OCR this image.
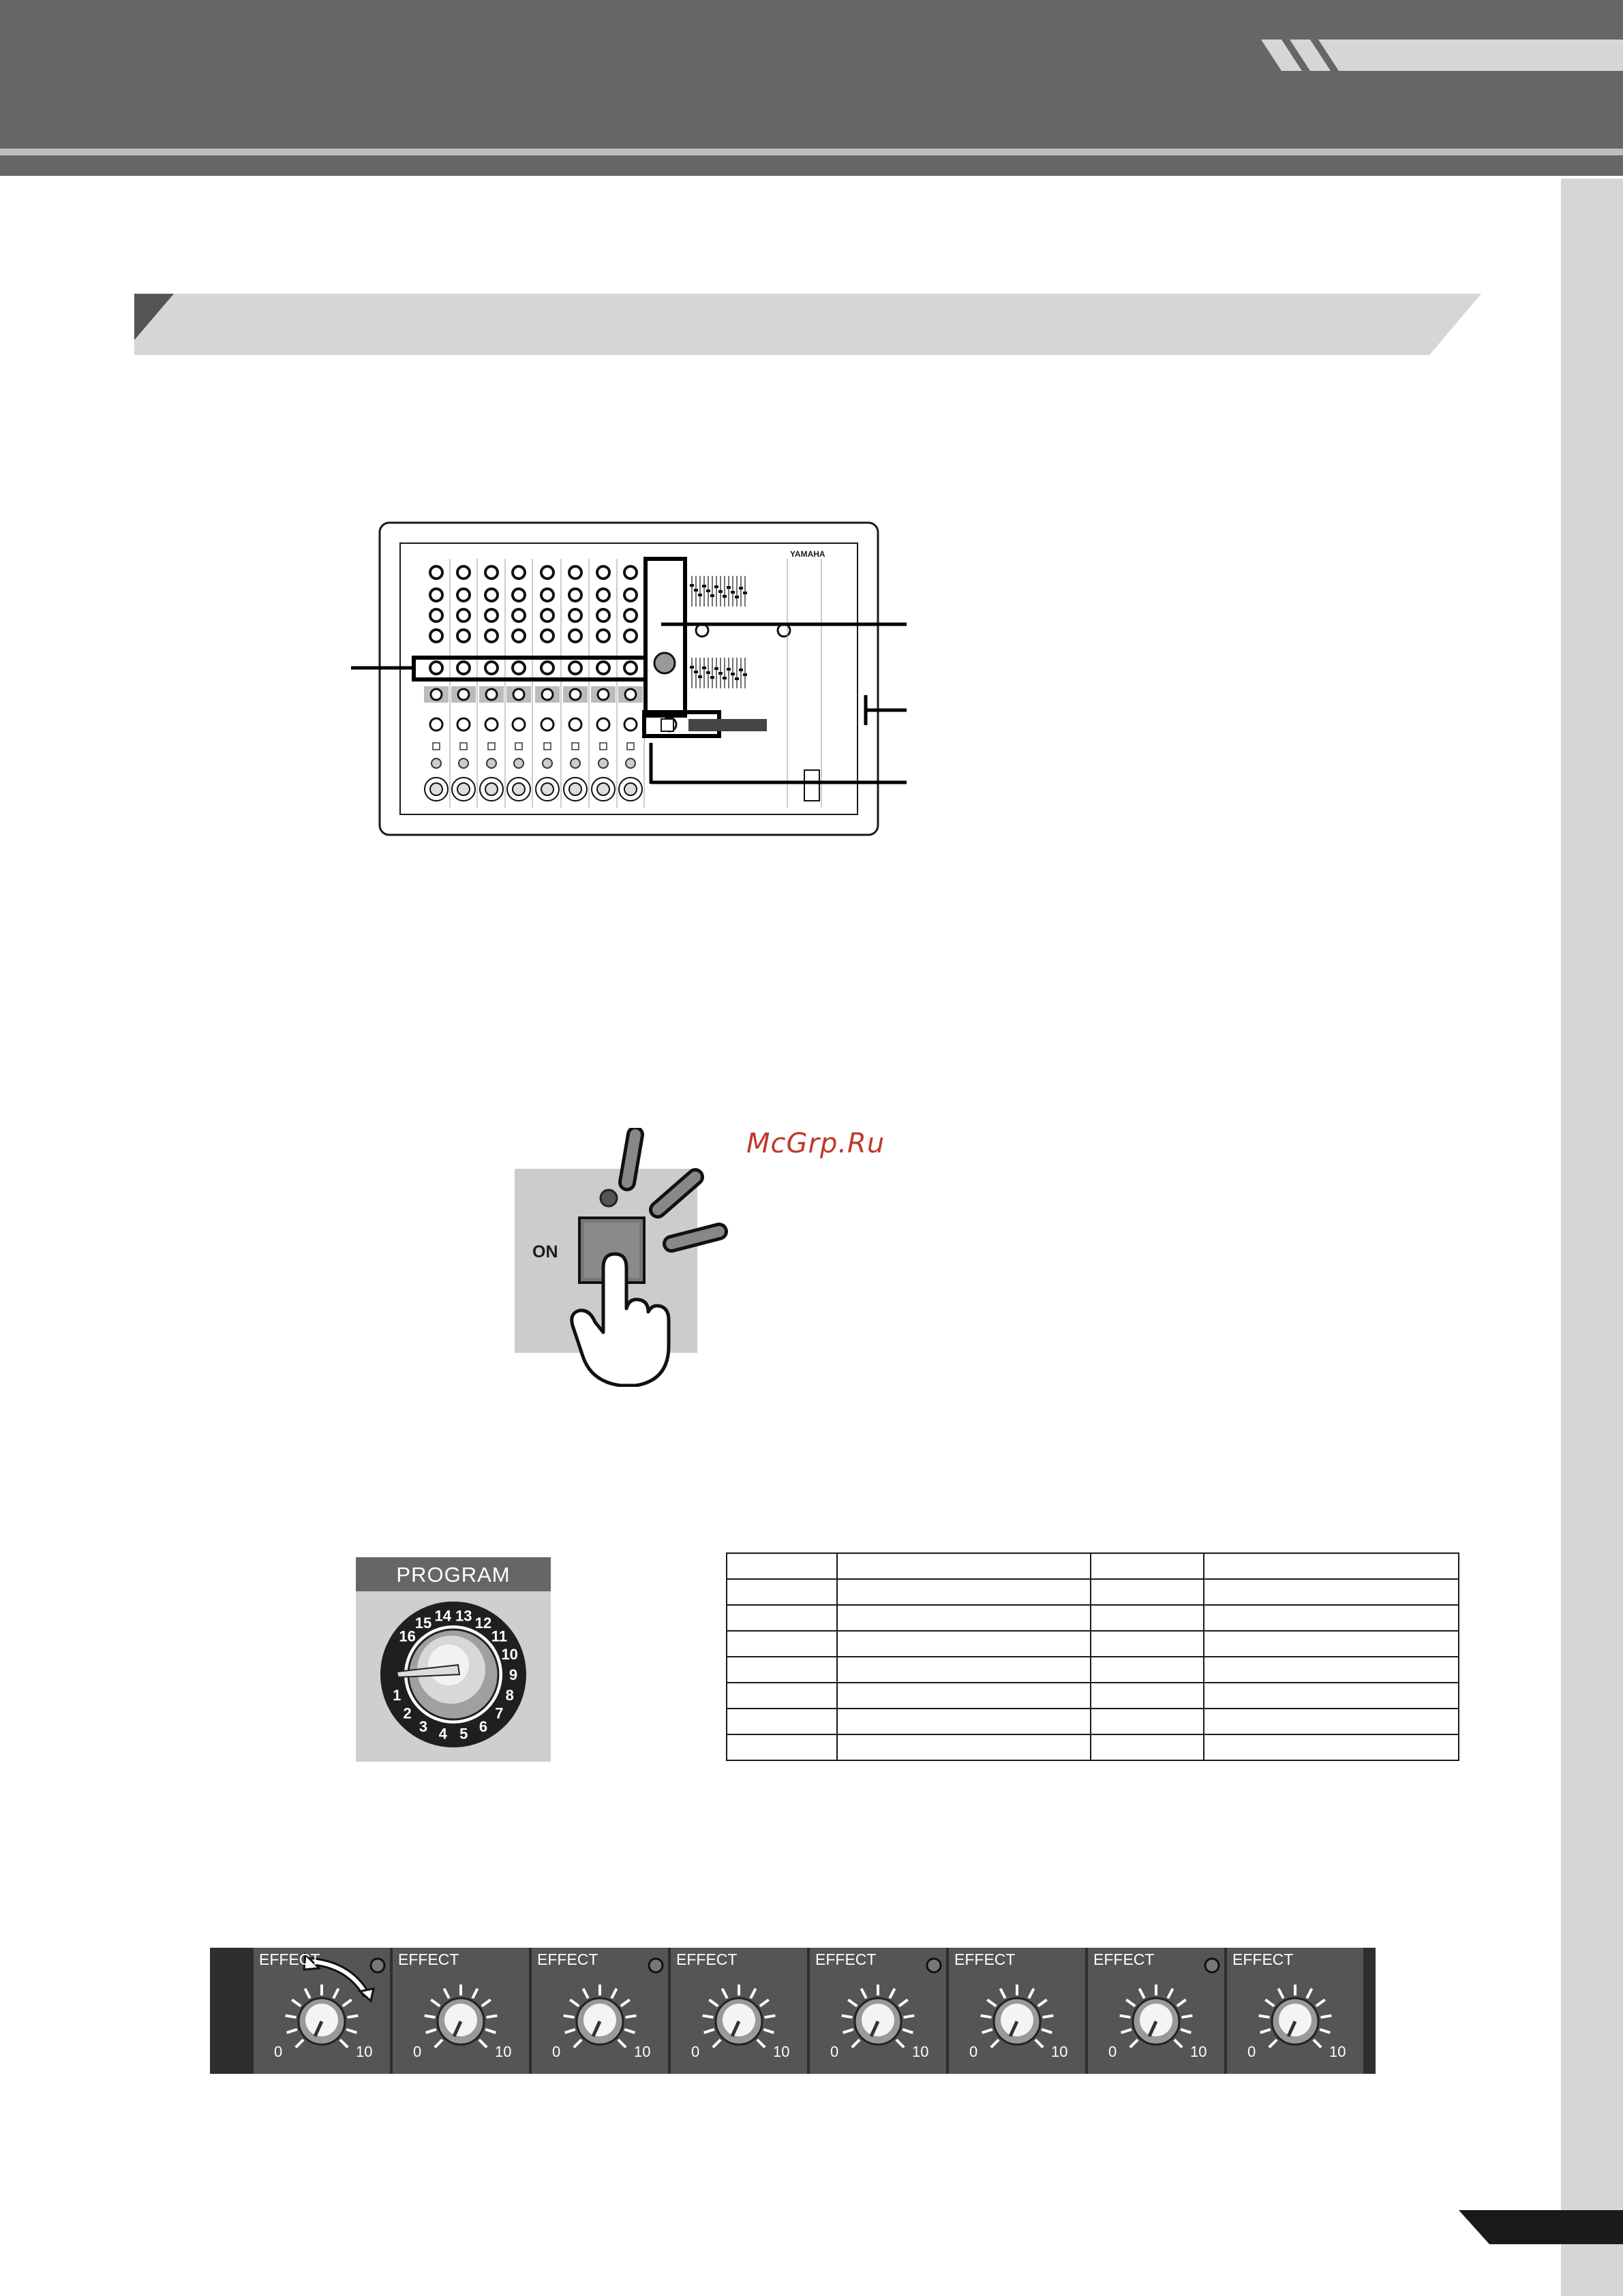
YAMAHA
McGrp.Ru
ON
PROGRAM
1
2
3 4 5 6
7
8
9
10
11
12
13
14
15
16

EFFECT
0	10
EFFECT
0	10
EFFECT
0	10
EFFECT
0	10
EFFECT
0	10
EFFECT
0	10
EFFECT
0	10
EFFECT
0	10
